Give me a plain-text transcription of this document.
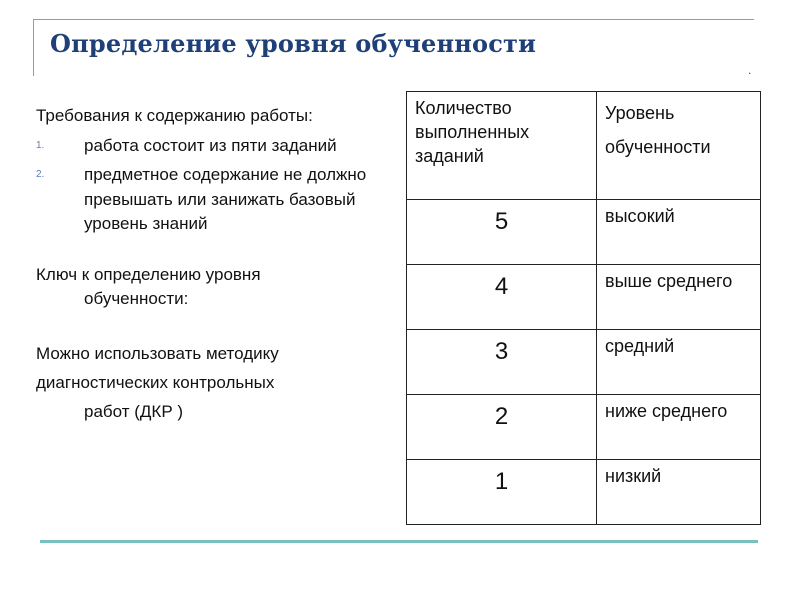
Определение уровня обученности
.

Требования к содержанию работы:

1. работа состоит из пяти заданий
2. предметное содержание не должно превышать или занижать базовый уровень знаний
Ключ к определению уровня
обученности:
Можно использовать методику
диагностических контрольных
работ (ДКР )
Количество выполненных заданий	Уровень обученности
5	высокий
4	выше среднего
3	средний
2	ниже среднего
1	низкий
